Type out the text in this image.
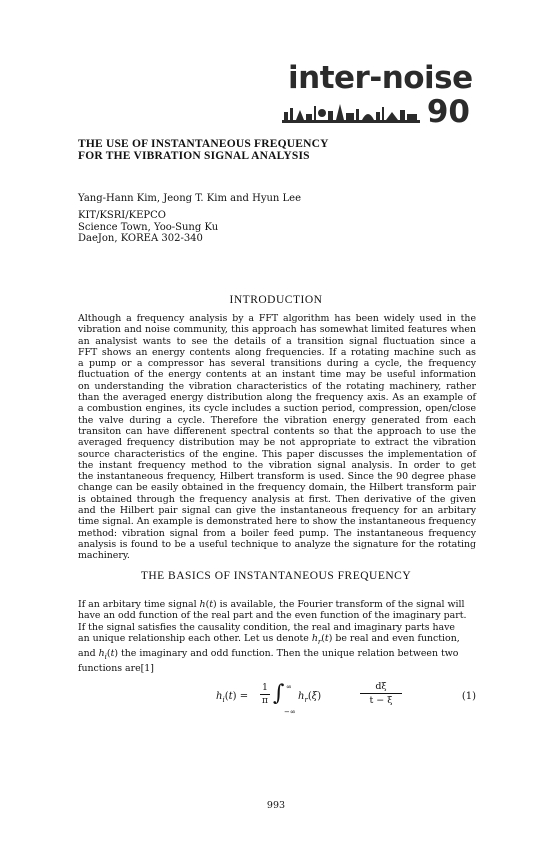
inter-noise
90
THE USE OF INSTANTANEOUS FREQUENCY
FOR THE VIBRATION SIGNAL ANALYSIS
Yang-Hann Kim, Jeong T. Kim and Hyun Lee
KIT/KSRI/KEPCO
Science Town, Yoo-Sung Ku
DaeJon, KOREA 302-340
INTRODUCTION
Although a frequency analysis by a FFT algorithm has been widely used in the
vibration and noise community, this approach has somewhat limited features when
an analysist wants to see the details of a transition signal fluctuation since a
FFT shows an energy contents along frequencies. If a rotating machine such as
a pump or a compressor has several transitions during a cycle, the frequency
fluctuation of the energy contents at an instant time may be useful information
on understanding the vibration characteristics of the rotating machinery, rather
than the averaged energy distribution along the frequency axis. As an example of
a combustion engines, its cycle includes a suction period, compression, open/close
the valve during a cycle. Therefore the vibration energy generated from each
transiton can have differenent spectral contents so that the approach to use the
averaged frequency distribution may be not appropriate to extract the vibration
source characteristics of the engine. This paper discusses the implementation of
the instant frequency method to the vibration signal analysis. In order to get
the instantaneous frequency, Hilbert transform is used. Since the 90 degree phase
change can be easily obtained in the frequency domain, the Hilbert transform pair
is obtained through the frequency analysis at first. Then derivative of the given
and the Hilbert pair signal can give the instantaneous frequency for an arbitary
time signal. An example is demonstrated here to show the instantaneous frequency
method: vibration signal from a boiler feed pump. The instantaneous frequency
analysis is found to be a useful technique to analyze the signature for the rotating
machinery.
THE BASICS OF INSTANTANEOUS FREQUENCY
If an arbitary time signal h(t) is available, the Fourier transform of the signal will
have an odd function of the real part and the even function of the imaginary part.
If the signal satisfies the causality condition, the real and imaginary parts have
an unique relationship each other. Let us denote $h_r(t)$ be real and even function,
and $h_i(t)$ the imaginary and odd function. Then the unique relation between two
functions are[1]
$h_i(t)$ =
1
π ∫ ∞
−∞
$h_r(\xi)$
dξ
t − ξ	(1)
993
